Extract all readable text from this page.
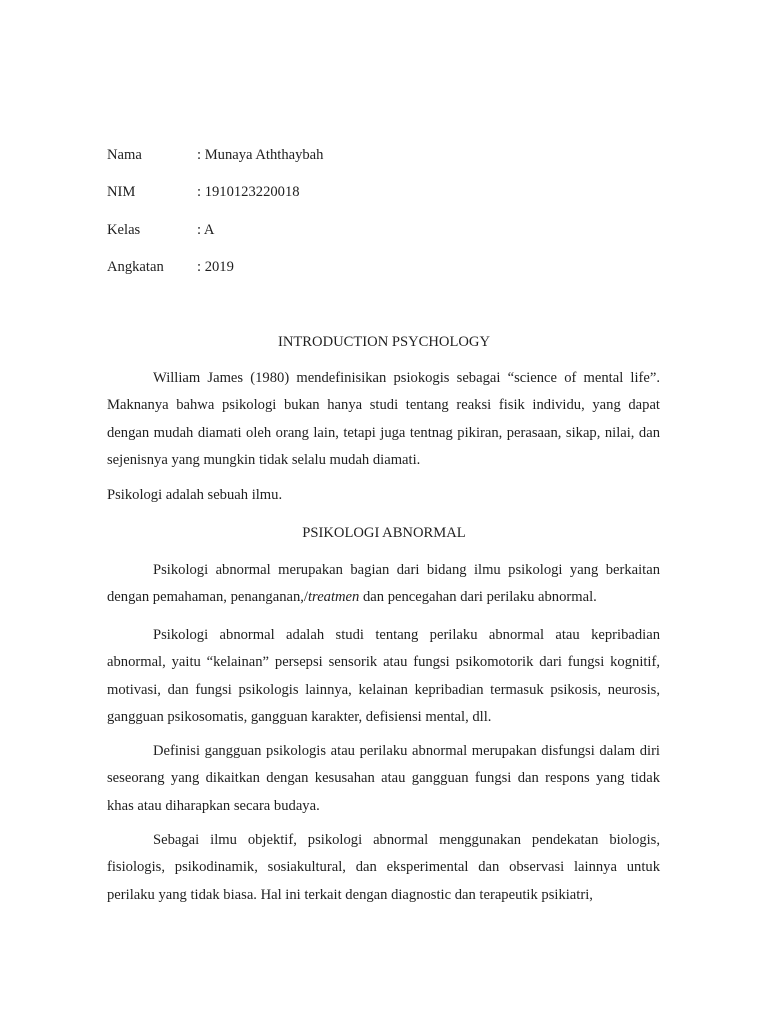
Nama	: Munaya Aththaybah
NIM	: 1910123220018
Kelas	: A
Angkatan	: 2019
INTRODUCTION PSYCHOLOGY

William James (1980) mendefinisikan psiokogis sebagai “science of mental life”. Maknanya bahwa psikologi bukan hanya studi tentang reaksi fisik individu, yang dapat dengan mudah diamati oleh orang lain, tetapi juga tentnag pikiran, perasaan, sikap, nilai, dan sejenisnya yang mungkin tidak selalu mudah diamati.

Psikologi adalah sebuah ilmu.

PSIKOLOGI ABNORMAL

Psikologi abnormal merupakan bagian dari bidang ilmu psikologi yang berkaitan dengan pemahaman, penanganan,/treatmen dan pencegahan dari perilaku abnormal.

Psikologi abnormal adalah studi tentang perilaku abnormal atau kepribadian abnormal, yaitu “kelainan” persepsi sensorik atau fungsi psikomotorik dari fungsi kognitif, motivasi, dan fungsi psikologis lainnya, kelainan kepribadian termasuk psikosis, neurosis, gangguan psikosomatis, gangguan karakter, defisiensi mental, dll.

Definisi gangguan psikologis atau perilaku abnormal merupakan disfungsi dalam diri seseorang yang dikaitkan dengan kesusahan atau gangguan fungsi dan respons yang tidak khas atau diharapkan secara budaya.

Sebagai ilmu objektif, psikologi abnormal menggunakan pendekatan biologis, fisiologis, psikodinamik, sosiakultural, dan eksperimental dan observasi lainnya untuk perilaku yang tidak biasa. Hal ini terkait dengan diagnostic dan terapeutik psikiatri,
